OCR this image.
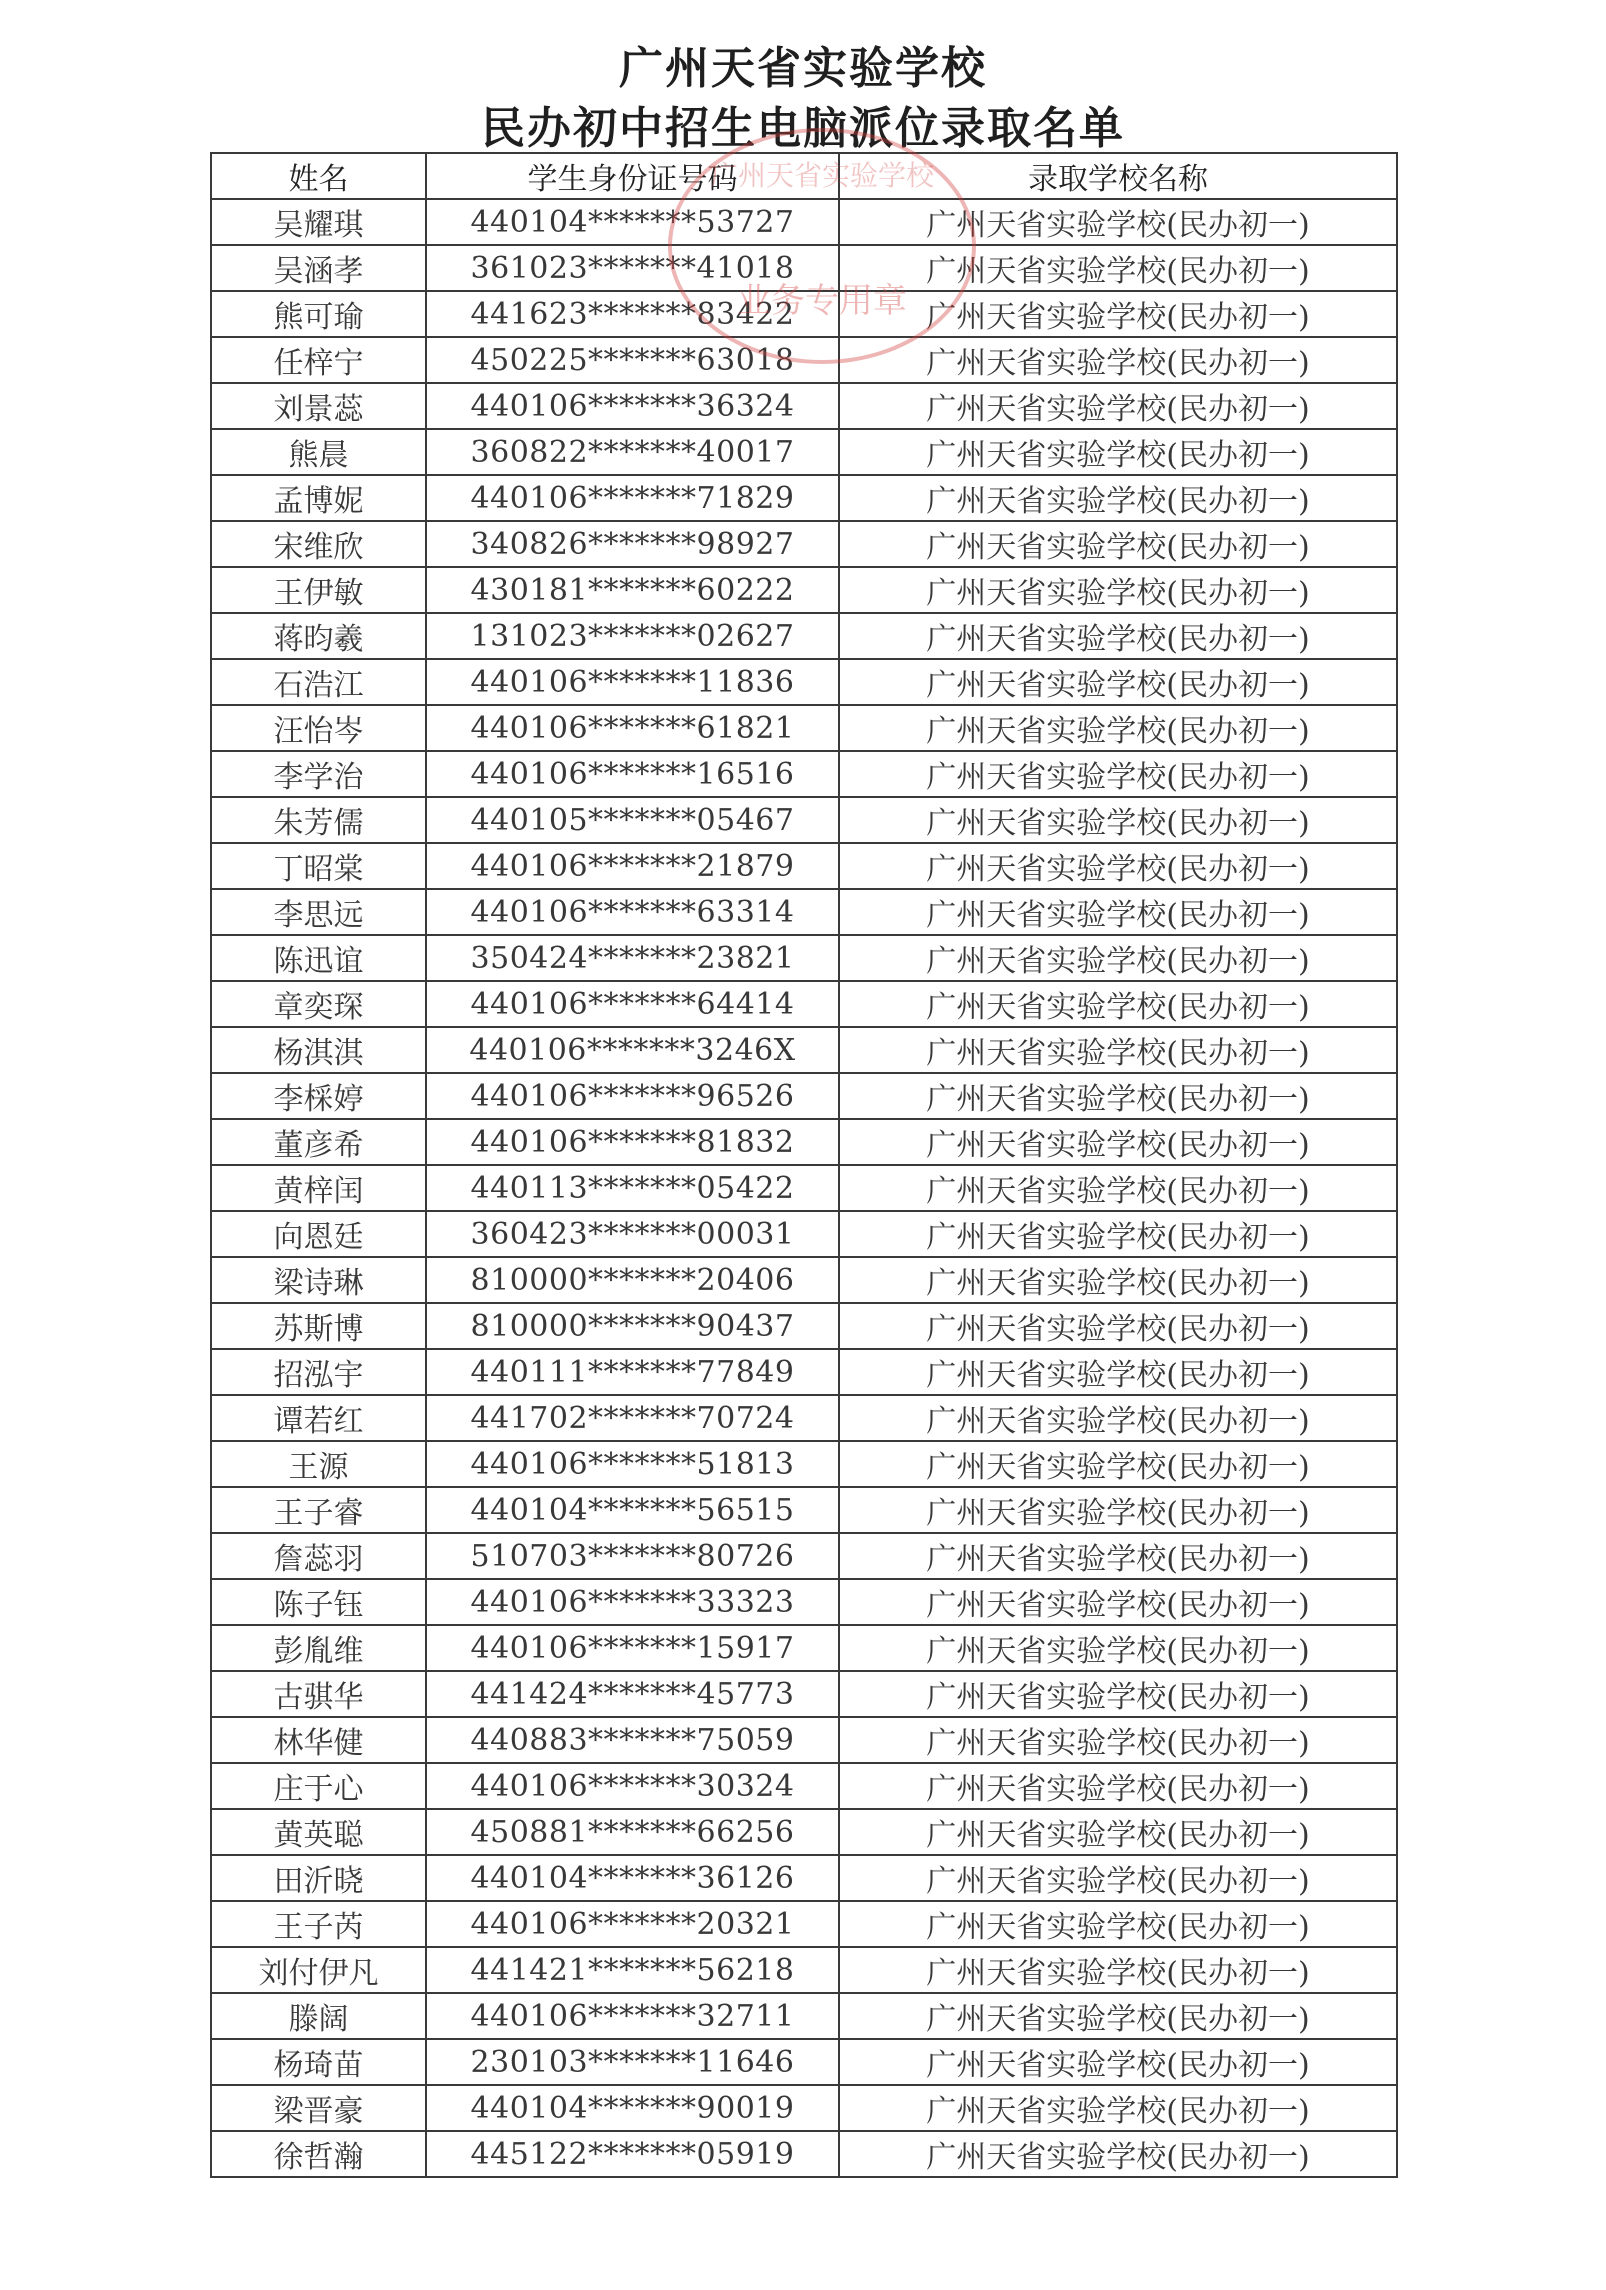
广州天省实验学校
民办初中招生电脑派位录取名单
姓名	学生身份证号码	录取学校名称
吴耀琪	440104*******53727	广州天省实验学校(民办初一)
吴涵孝	361023*******41018	广州天省实验学校(民办初一)
熊可瑜	441623*******83422	广州天省实验学校(民办初一)
任梓宁	450225*******63018	广州天省实验学校(民办初一)
刘景蕊	440106*******36324	广州天省实验学校(民办初一)
熊晨	360822*******40017	广州天省实验学校(民办初一)
孟博妮	440106*******71829	广州天省实验学校(民办初一)
宋维欣	340826*******98927	广州天省实验学校(民办初一)
王伊敏	430181*******60222	广州天省实验学校(民办初一)
蒋昀羲	131023*******02627	广州天省实验学校(民办初一)
石浩江	440106*******11836	广州天省实验学校(民办初一)
汪怡岑	440106*******61821	广州天省实验学校(民办初一)
李学治	440106*******16516	广州天省实验学校(民办初一)
朱芳儒	440105*******05467	广州天省实验学校(民办初一)
丁昭棠	440106*******21879	广州天省实验学校(民办初一)
李思远	440106*******63314	广州天省实验学校(民办初一)
陈迅谊	350424*******23821	广州天省实验学校(民办初一)
章奕琛	440106*******64414	广州天省实验学校(民办初一)
杨淇淇	440106*******3246X	广州天省实验学校(民办初一)
李棌婷	440106*******96526	广州天省实验学校(民办初一)
董彦希	440106*******81832	广州天省实验学校(民办初一)
黄梓闰	440113*******05422	广州天省实验学校(民办初一)
向恩廷	360423*******00031	广州天省实验学校(民办初一)
梁诗琳	810000*******20406	广州天省实验学校(民办初一)
苏斯博	810000*******90437	广州天省实验学校(民办初一)
招泓宇	440111*******77849	广州天省实验学校(民办初一)
谭若红	441702*******70724	广州天省实验学校(民办初一)
王源	440106*******51813	广州天省实验学校(民办初一)
王子睿	440104*******56515	广州天省实验学校(民办初一)
詹蕊羽	510703*******80726	广州天省实验学校(民办初一)
陈子钰	440106*******33323	广州天省实验学校(民办初一)
彭胤维	440106*******15917	广州天省实验学校(民办初一)
古骐华	441424*******45773	广州天省实验学校(民办初一)
林华健	440883*******75059	广州天省实验学校(民办初一)
庄于心	440106*******30324	广州天省实验学校(民办初一)
黄英聪	450881*******66256	广州天省实验学校(民办初一)
田沂晓	440104*******36126	广州天省实验学校(民办初一)
王子芮	440106*******20321	广州天省实验学校(民办初一)
刘付伊凡	441421*******56218	广州天省实验学校(民办初一)
滕阔	440106*******32711	广州天省实验学校(民办初一)
杨琦苗	230103*******11646	广州天省实验学校(民办初一)
梁晋豪	440104*******90019	广州天省实验学校(民办初一)
徐哲瀚	445122*******05919	广州天省实验学校(民办初一)
广州天省实验学校
业务专用章
